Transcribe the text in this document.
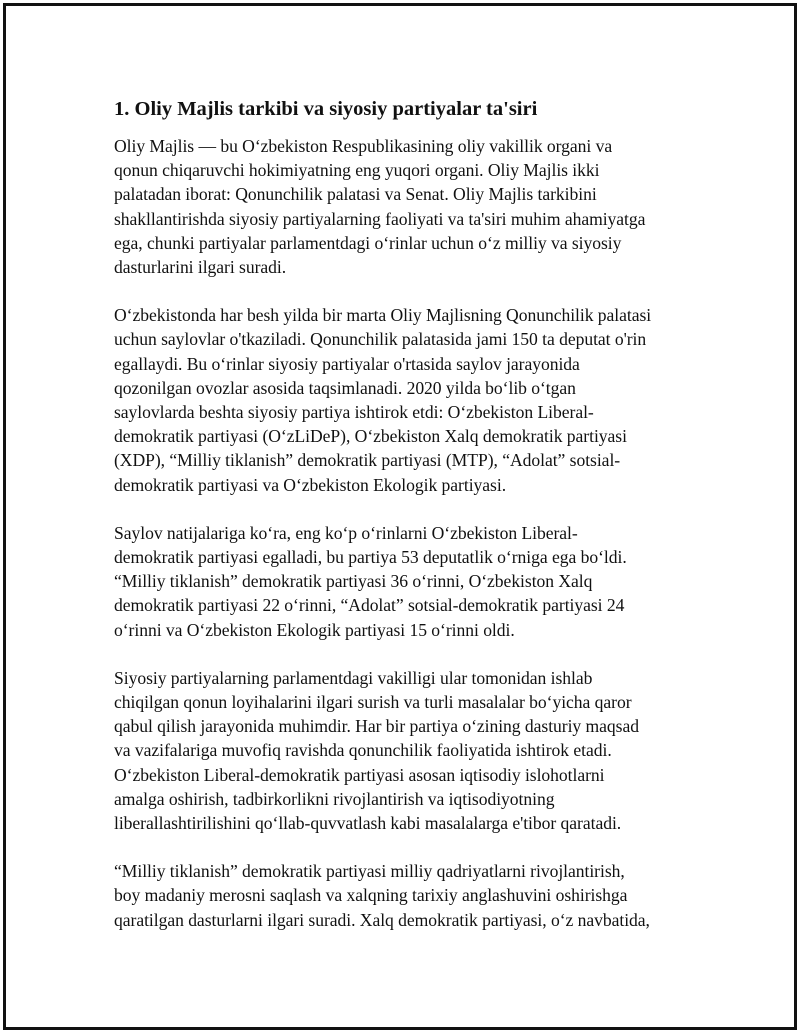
1. Oliy Majlis tarkibi va siyosiy partiyalar ta'siri

Oliy Majlis — bu O‘zbekiston Respublikasining oliy vakillik organi va
qonun chiqaruvchi hokimiyatning eng yuqori organi. Oliy Majlis ikki
palatadan iborat: Qonunchilik palatasi va Senat. Oliy Majlis tarkibini
shakllantirishda siyosiy partiyalarning faoliyati va ta'siri muhim ahamiyatga
ega, chunki partiyalar parlamentdagi o‘rinlar uchun o‘z milliy va siyosiy
dasturlarini ilgari suradi.

O‘zbekistonda har besh yilda bir marta Oliy Majlisning Qonunchilik palatasi
uchun saylovlar o'tkaziladi. Qonunchilik palatasida jami 150 ta deputat o'rin
egallaydi. Bu o‘rinlar siyosiy partiyalar o'rtasida saylov jarayonida
qozonilgan ovozlar asosida taqsimlanadi. 2020 yilda bo‘lib o‘tgan
saylovlarda beshta siyosiy partiya ishtirok etdi: O‘zbekiston Liberal-
demokratik partiyasi (O‘zLiDeP), O‘zbekiston Xalq demokratik partiyasi
(XDP), “Milliy tiklanish” demokratik partiyasi (MTP), “Adolat” sotsial-
demokratik partiyasi va O‘zbekiston Ekologik partiyasi.

Saylov natijalariga ko‘ra, eng ko‘p o‘rinlarni O‘zbekiston Liberal-
demokratik partiyasi egalladi, bu partiya 53 deputatlik o‘rniga ega bo‘ldi.
“Milliy tiklanish” demokratik partiyasi 36 o‘rinni, O‘zbekiston Xalq
demokratik partiyasi 22 o‘rinni, “Adolat” sotsial-demokratik partiyasi 24
o‘rinni va O‘zbekiston Ekologik partiyasi 15 o‘rinni oldi.

Siyosiy partiyalarning parlamentdagi vakilligi ular tomonidan ishlab
chiqilgan qonun loyihalarini ilgari surish va turli masalalar bo‘yicha qaror
qabul qilish jarayonida muhimdir. Har bir partiya o‘zining dasturiy maqsad
va vazifalariga muvofiq ravishda qonunchilik faoliyatida ishtirok etadi.
O‘zbekiston Liberal-demokratik partiyasi asosan iqtisodiy islohotlarni
amalga oshirish, tadbirkorlikni rivojlantirish va iqtisodiyotning
liberallashtirilishini qo‘llab-quvvatlash kabi masalalarga e'tibor qaratadi.

“Milliy tiklanish” demokratik partiyasi milliy qadriyatlarni rivojlantirish,
boy madaniy merosni saqlash va xalqning tarixiy anglashuvini oshirishga
qaratilgan dasturlarni ilgari suradi. Xalq demokratik partiyasi, o‘z navbatida,
